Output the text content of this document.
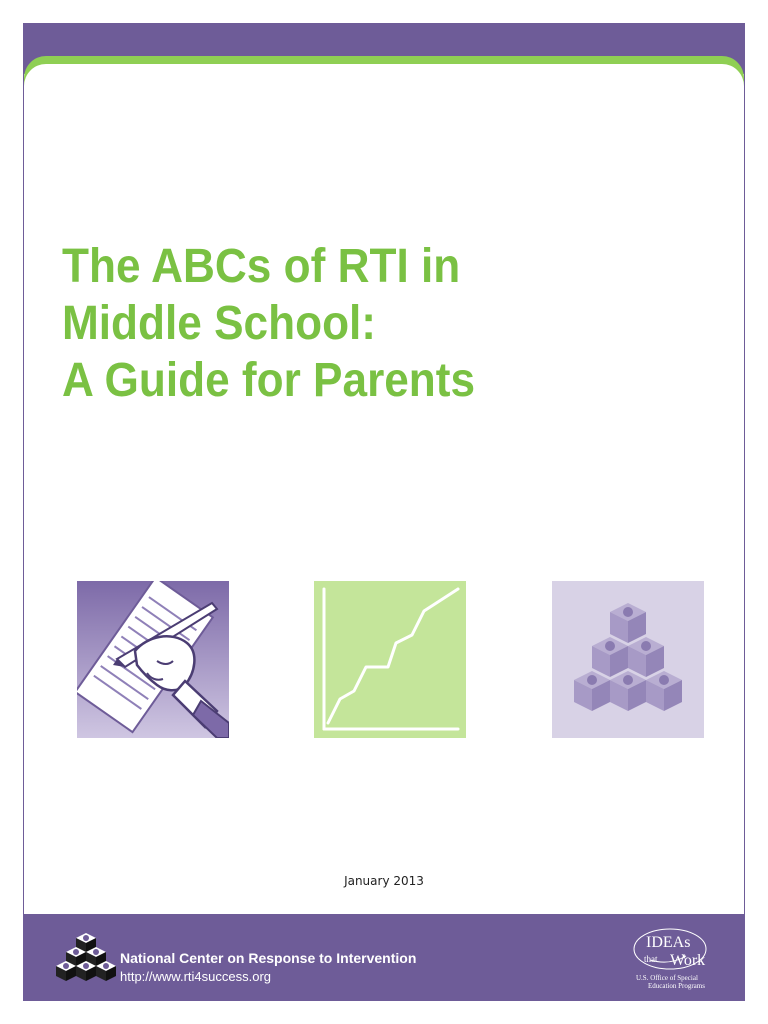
The ABCs of RTI in
Middle School:
A Guide for Parents
January 2013
National Center on Response to Intervention
http://www.rti4success.org
IDEAs
that Work
U.S. Office of Special
Education Programs
